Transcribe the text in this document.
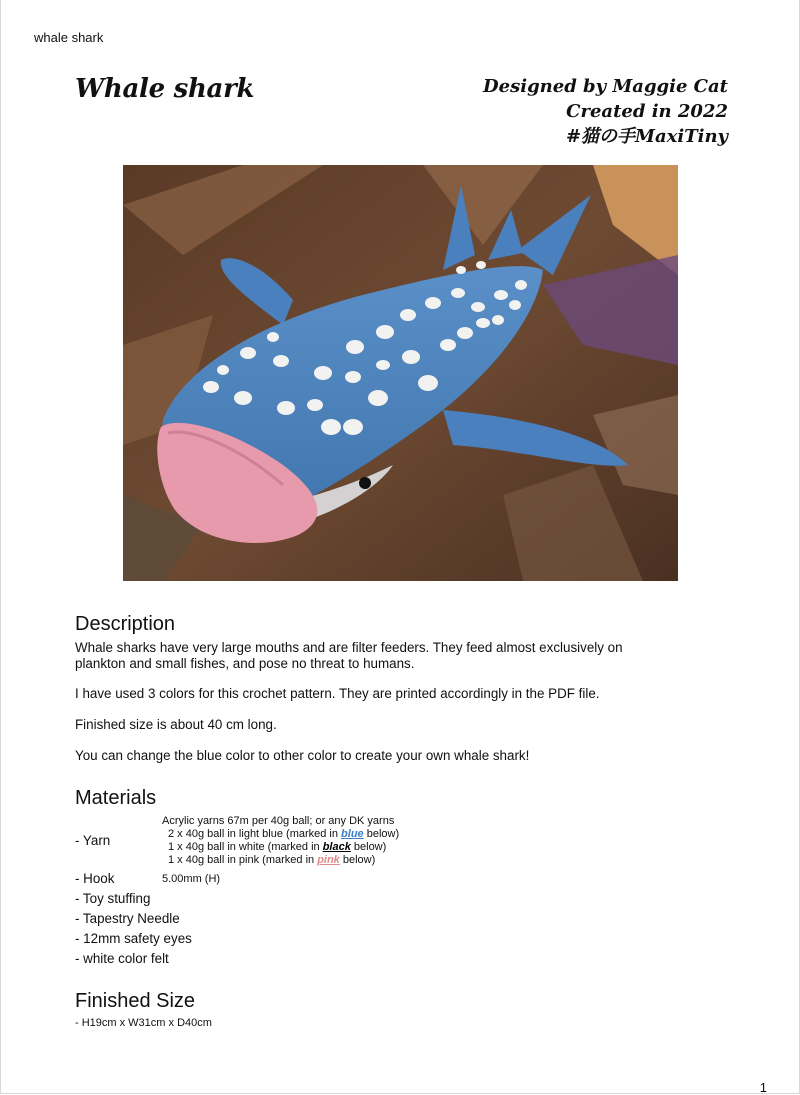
whale shark
Whale shark	Designed by Maggie Cat
Created in 2022
#猫の手MaxiTiny
Description

Whale sharks have very large mouths and are filter feeders. They feed almost exclusively on plankton and small fishes, and pose no threat to humans.

I have used 3 colors for this crochet pattern. They are printed accordingly in the PDF file.

Finished size is about 40 cm long.

You can change the blue color to other color to create your own whale shark!

Materials
- Yarn
Acrylic yarns 67m per 40g ball; or any DK yarns
2 x 40g ball in light blue (marked in blue below)
1 x 40g ball in white (marked in black below)
1 x 40g ball in pink (marked in pink below)
- Hook	5.00mm (H)
- Toy stuffing
- Tapestry Needle
- 12mm safety eyes
- white color felt
Finished Size
- H19cm x W31cm x D40cm
1
